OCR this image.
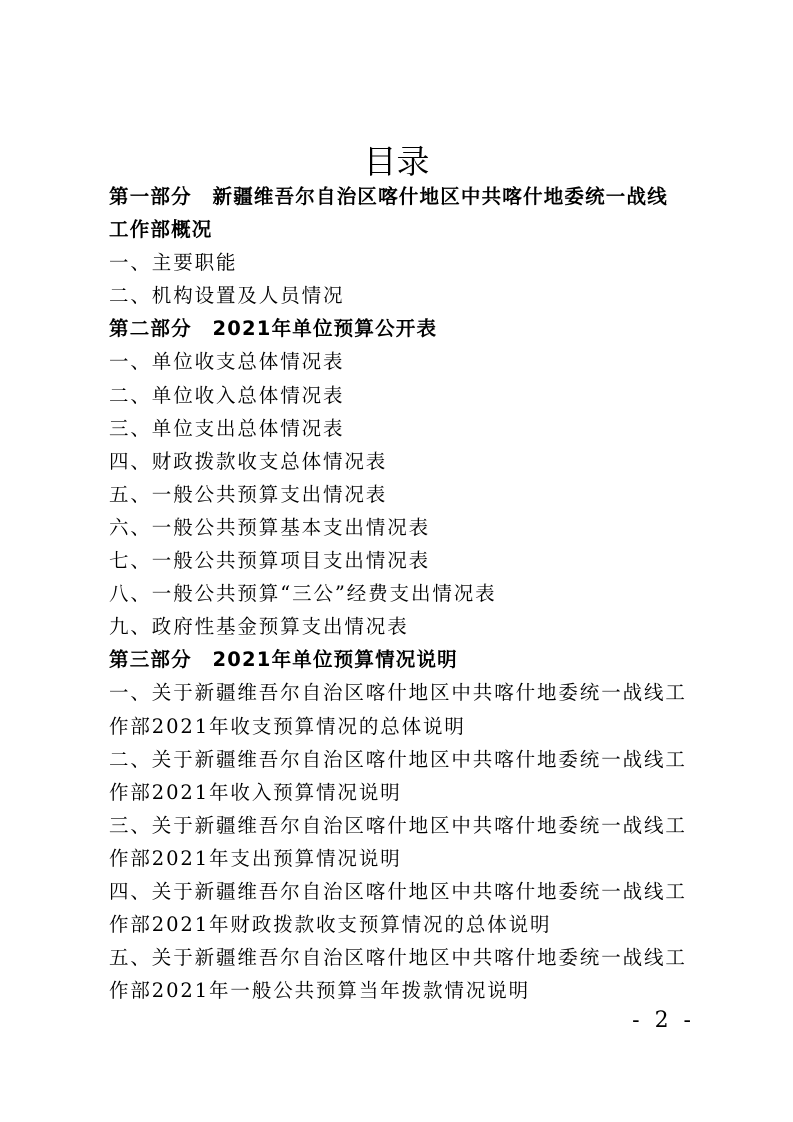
目录
第一部分　新疆维吾尔自治区喀什地区中共喀什地委统一战线
工作部概况
一、主要职能
二、机构设置及人员情况
第二部分　2021年单位预算公开表
一、单位收支总体情况表
二、单位收入总体情况表
三、单位支出总体情况表
四、财政拨款收支总体情况表
五、一般公共预算支出情况表
六、一般公共预算基本支出情况表
七、一般公共预算项目支出情况表
八、一般公共预算“三公”经费支出情况表
九、政府性基金预算支出情况表
第三部分　2021年单位预算情况说明
一、关于新疆维吾尔自治区喀什地区中共喀什地委统一战线工
作部2021年收支预算情况的总体说明
二、关于新疆维吾尔自治区喀什地区中共喀什地委统一战线工
作部2021年收入预算情况说明
三、关于新疆维吾尔自治区喀什地区中共喀什地委统一战线工
作部2021年支出预算情况说明
四、关于新疆维吾尔自治区喀什地区中共喀什地委统一战线工
作部2021年财政拨款收支预算情况的总体说明
五、关于新疆维吾尔自治区喀什地区中共喀什地委统一战线工
作部2021年一般公共预算当年拨款情况说明
- 2 -
